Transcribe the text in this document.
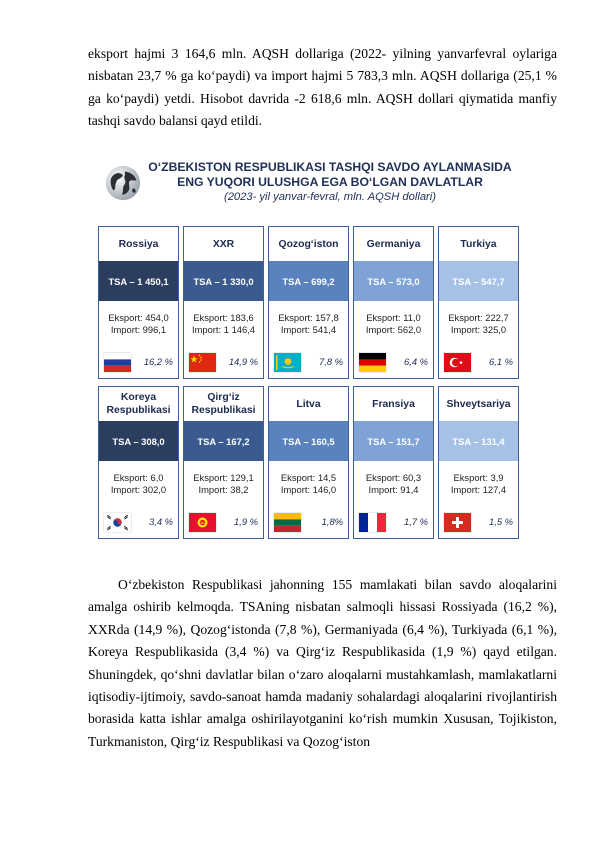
eksport hajmi 3 164,6 mln. AQSH dollariga (2022- yilning yanvarfevral oylariga nisbatan 23,7 % ga koʻpaydi) va import hajmi 5 783,3 mln. AQSH dollariga (25,1 % ga koʻpaydi) yetdi. Hisobot davrida -2 618,6 mln. AQSH dollari qiymatida manfiy tashqi savdo balansi qayd etildi.

OʻZBEKISTON RESPUBLIKASI TASHQI SAVDO AYLANMASIDA
ENG YUQORI ULUSHGA EGA BOʻLGAN DAVLATLAR
(2023- yil yanvar-fevral, mln. AQSH dollari)
Rossiya
TSA – 1 450,1
Eksport: 454,0
Import: 996,1
16,2 %
XXR
TSA – 1 330,0
Eksport: 183,6
Import: 1 146,4
14,9 %
Qozogʻiston
TSA – 699,2
Eksport: 157,8
Import: 541,4
7,8 %
Germaniya
TSA – 573,0
Eksport: 11,0
Import: 562,0
6,4 %
Turkiya
TSA – 547,7
Eksport: 222,7
Import: 325,0
6,1 %
Koreya Respublikasi
TSA – 308,0
Eksport: 6,0
Import: 302,0
3,4 %
Qirgʻiz Respublikasi
TSA – 167,2
Eksport: 129,1
Import: 38,2
1,9 %
Litva
TSA – 160,5
Eksport: 14,5
Import: 146,0
1,8%
Fransiya
TSA – 151,7
Eksport: 60,3
Import: 91,4
1,7 %
Shveytsariya
TSA – 131,4
Eksport: 3,9
Import: 127,4
1,5 %

Oʻzbekiston Respublikasi jahonning 155 mamlakati bilan savdo aloqalarini amalga oshirib kelmoqda. TSAning nisbatan salmoqli hissasi Rossiyada (16,2 %), XXRda (14,9 %), Qozogʻistonda (7,8 %), Germaniyada (6,4 %), Turkiyada (6,1 %), Koreya Respublikasida (3,4 %) va Qirgʻiz Respublikasida (1,9 %) qayd etilgan. Shuningdek, qoʻshni davlatlar bilan oʻzaro aloqalarni mustahkamlash, mamlakatlarni iqtisodiy-ijtimoiy, savdo-sanoat hamda madaniy sohalardagi aloqalarini rivojlantirish borasida katta ishlar amalga oshirilayotganini koʻrish mumkin Xususan, Tojikiston, Turkmaniston, Qirgʻiz Respublikasi va Qozogʻiston
